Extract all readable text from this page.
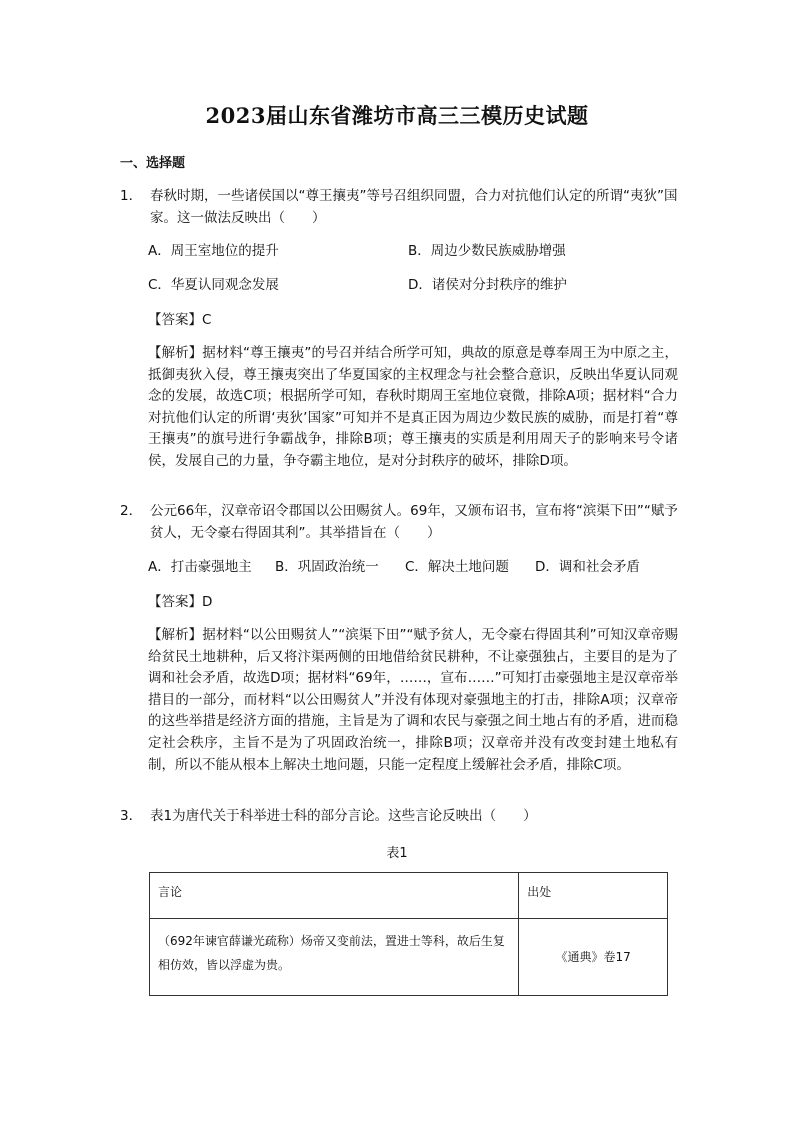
2023届山东省潍坊市高三三模历史试题
一、选择题
1． 春秋时期，一些诸侯国以“尊王攘夷”等号召组织同盟，合力对抗他们认定的所谓“夷狄”国家。这一做法反映出（　　）
A．周王室地位的提升	B．周边少数民族威胁增强
C．华夏认同观念发展	D．诸侯对分封秩序的维护
【答案】C
【解析】据材料“尊王攘夷”的号召并结合所学可知，典故的原意是尊奉周王为中原之主，抵御夷狄入侵，尊王攘夷突出了华夏国家的主权理念与社会整合意识，反映出华夏认同观念的发展，故选C项；根据所学可知，春秋时期周王室地位衰微，排除A项；据材料“合力对抗他们认定的所谓‘夷狄’国家”可知并不是真正因为周边少数民族的威胁，而是打着“尊王攘夷”的旗号进行争霸战争，排除B项；尊王攘夷的实质是利用周天子的影响来号令诸侯，发展自己的力量，争夺霸主地位，是对分封秩序的破坏，排除D项。
2． 公元66年，汉章帝诏令郡国以公田赐贫人。69年，又颁布诏书，宣布将“滨渠下田”“赋予贫人，无令豪右得固其利”。其举措旨在（　　）
A．打击豪强地主 B．巩固政治统一 C．解决土地问题 D．调和社会矛盾
【答案】D
【解析】据材料“以公田赐贫人”“滨渠下田”“赋予贫人，无令豪右得固其利”可知汉章帝赐给贫民土地耕种，后又将汴渠两侧的田地借给贫民耕种，不让豪强独占，主要目的是为了调和社会矛盾，故选D项；据材料“69年，……，宣布……”可知打击豪强地主是汉章帝举措目的一部分，而材料“以公田赐贫人”并没有体现对豪强地主的打击，排除A项；汉章帝的这些举措是经济方面的措施，主旨是为了调和农民与豪强之间土地占有的矛盾，进而稳定社会秩序，主旨不是为了巩固政治统一，排除B项；汉章帝并没有改变封建土地私有制，所以不能从根本上解决土地问题，只能一定程度上缓解社会矛盾，排除C项。
3． 表1为唐代关于科举进士科的部分言论。这些言论反映出（　　）
表1
言论	出处
（692年谏官薛谦光疏称）炀帝又变前法，置进士等科，故后生复相仿效，皆以浮虚为贵。	《通典》卷17
